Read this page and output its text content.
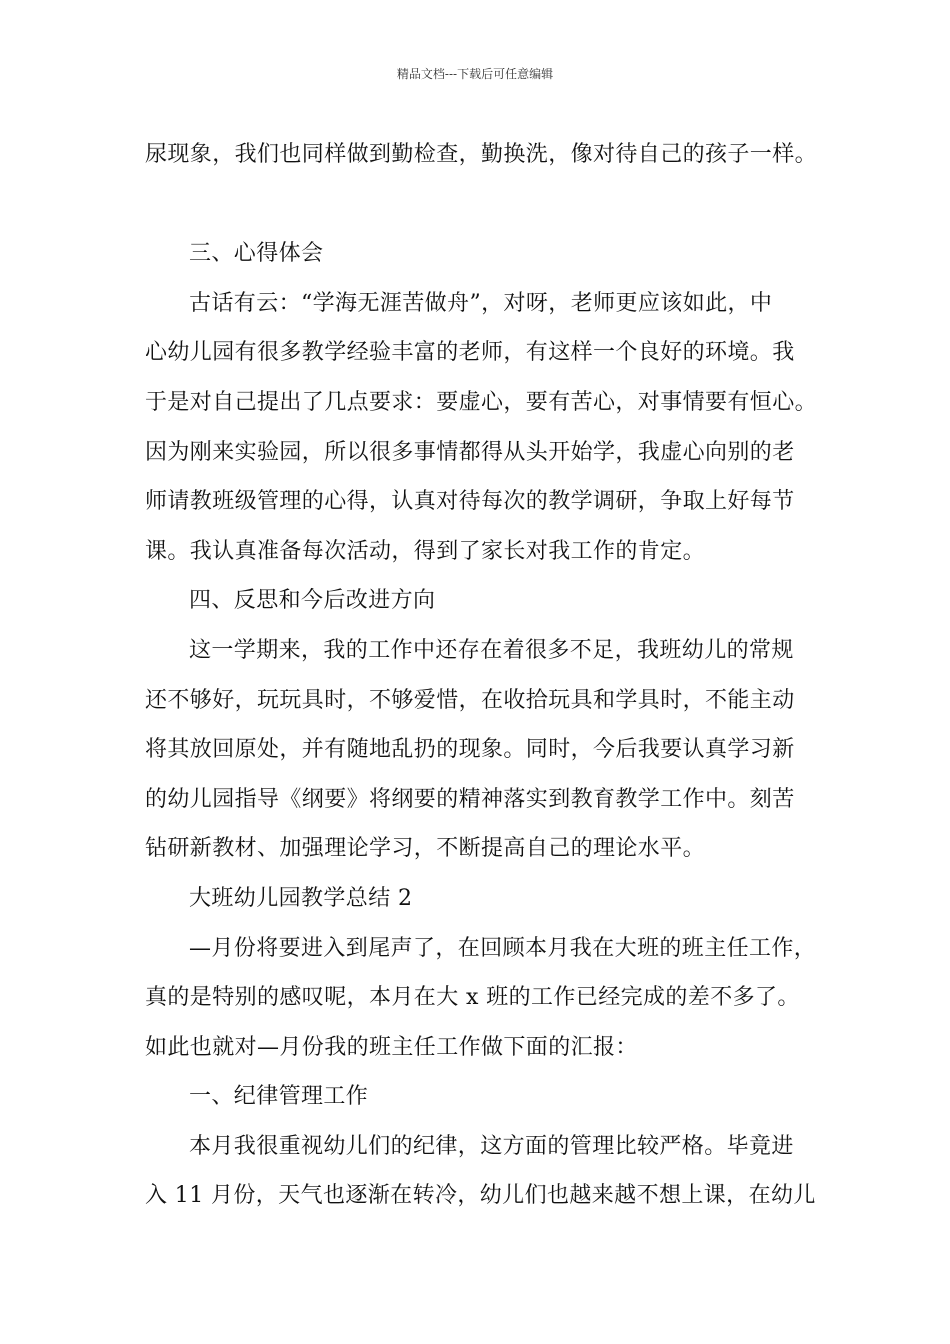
精品文档---下载后可任意编辑
尿现象，我们也同样做到勤检查，勤换洗，像对待自己的孩子一样。
三、心得体会
古话有云：“学海无涯苦做舟”，对呀，老师更应该如此，中
心幼儿园有很多教学经验丰富的老师，有这样一个良好的环境。我
于是对自己提出了几点要求：要虚心，要有苦心，对事情要有恒心。
因为刚来实验园，所以很多事情都得从头开始学，我虚心向别的老
师请教班级管理的心得，认真对待每次的教学调研，争取上好每节
课。我认真准备每次活动，得到了家长对我工作的肯定。
四、反思和今后改进方向
这一学期来，我的工作中还存在着很多不足，我班幼儿的常规
还不够好，玩玩具时，不够爱惜，在收拾玩具和学具时，不能主动
将其放回原处，并有随地乱扔的现象。同时，今后我要认真学习新
的幼儿园指导《纲要》将纲要的精神落实到教育教学工作中。刻苦
钻研新教材、加强理论学习，不断提高自己的理论水平。
大班幼儿园教学总结 2
—月份将要进入到尾声了，在回顾本月我在大班的班主任工作，
真的是特别的感叹呢，本月在大 x 班的工作已经完成的差不多了。
如此也就对—月份我的班主任工作做下面的汇报：
一、纪律管理工作
本月我很重视幼儿们的纪律，这方面的管理比较严格。毕竟进
入 11 月份，天气也逐渐在转冷，幼儿们也越来越不想上课，在幼儿
